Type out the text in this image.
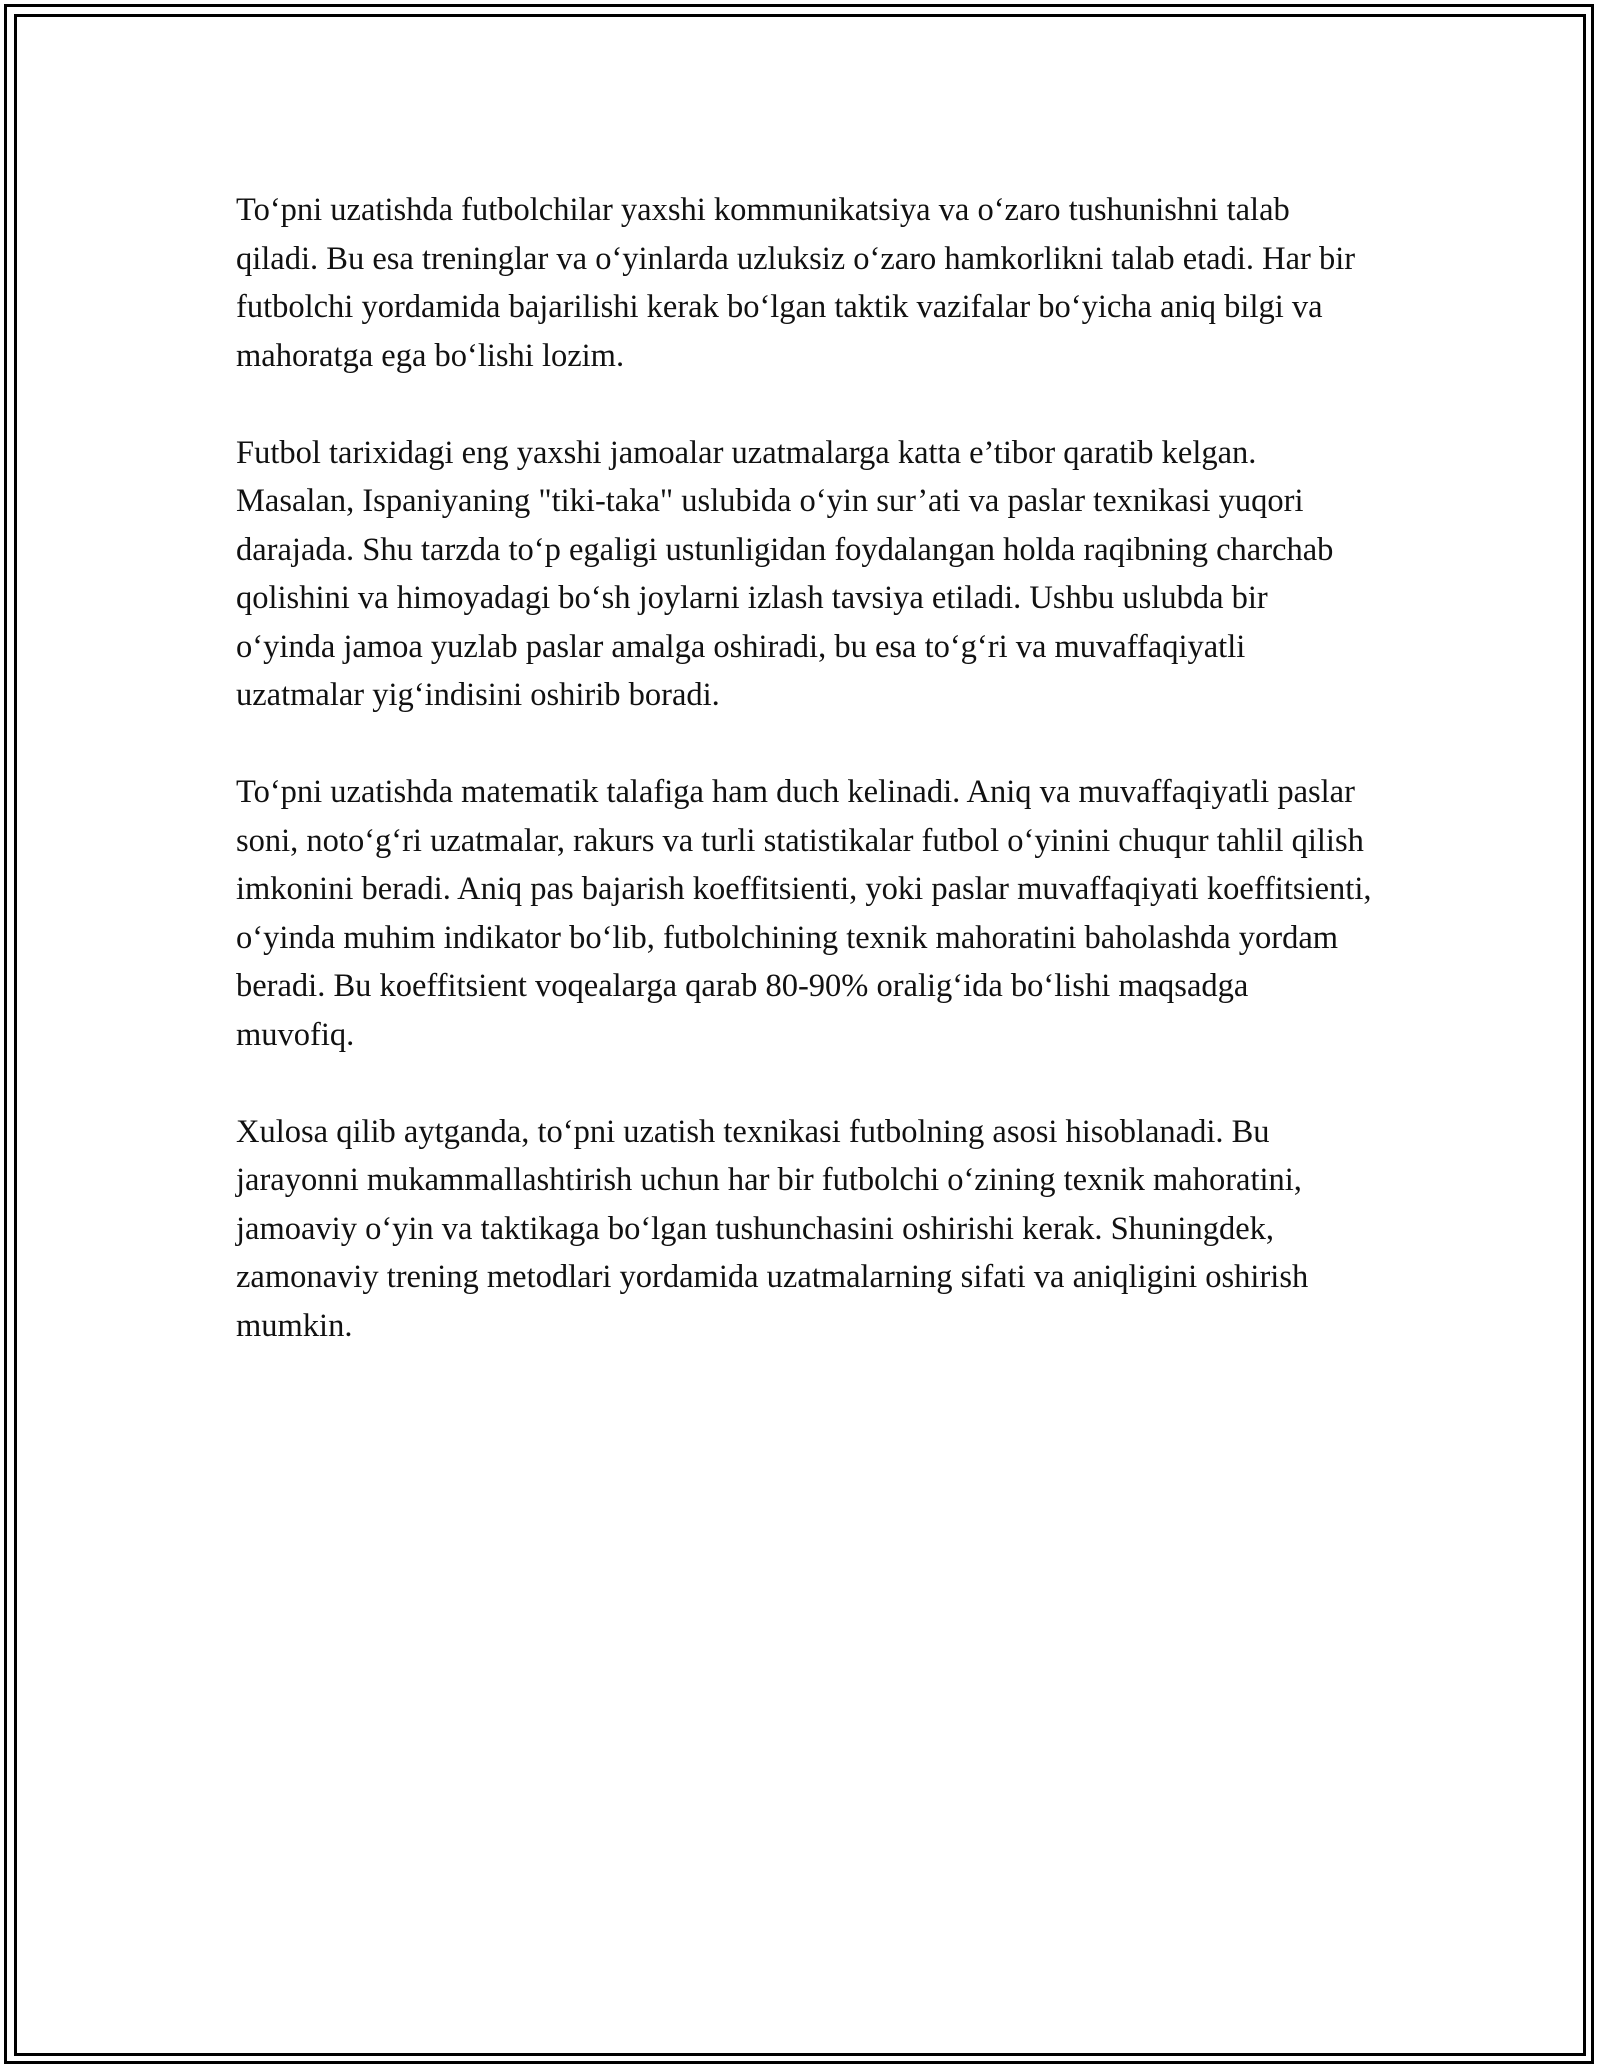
To‘pni uzatishda futbolchilar yaxshi kommunikatsiya va o‘zaro tushunishni talab qiladi. Bu esa treninglar va o‘yinlarda uzluksiz o‘zaro hamkorlikni talab etadi. Har bir futbolchi yordamida bajarilishi kerak bo‘lgan taktik vazifalar bo‘yicha aniq bilgi va mahoratga ega bo‘lishi lozim.

Futbol tarixidagi eng yaxshi jamoalar uzatmalarga katta e’tibor qaratib kelgan. Masalan, Ispaniyaning "tiki-taka" uslubida o‘yin sur’ati va paslar texnikasi yuqori darajada. Shu tarzda to‘p egaligi ustunligidan foydalangan holda raqibning charchab qolishini va himoyadagi bo‘sh joylarni izlash tavsiya etiladi. Ushbu uslubda bir o‘yinda jamoa yuzlab paslar amalga oshiradi, bu esa to‘g‘ri va muvaffaqiyatli uzatmalar yig‘indisini oshirib boradi.

To‘pni uzatishda matematik talafiga ham duch kelinadi. Aniq va muvaffaqiyatli paslar soni, noto‘g‘ri uzatmalar, rakurs va turli statistikalar futbol o‘yinini chuqur tahlil qilish imkonini beradi. Aniq pas bajarish koeffitsienti, yoki paslar muvaffaqiyati koeffitsienti, o‘yinda muhim indikator bo‘lib, futbolchining texnik mahoratini baholashda yordam beradi. Bu koeffitsient voqealarga qarab 80-90% oralig‘ida bo‘lishi maqsadga muvofiq.

Xulosa qilib aytganda, to‘pni uzatish texnikasi futbolning asosi hisoblanadi. Bu jarayonni mukammallashtirish uchun har bir futbolchi o‘zining texnik mahoratini, jamoaviy o‘yin va taktikaga bo‘lgan tushunchasini oshirishi kerak. Shuningdek, zamonaviy trening metodlari yordamida uzatmalarning sifati va aniqligini oshirish mumkin.
